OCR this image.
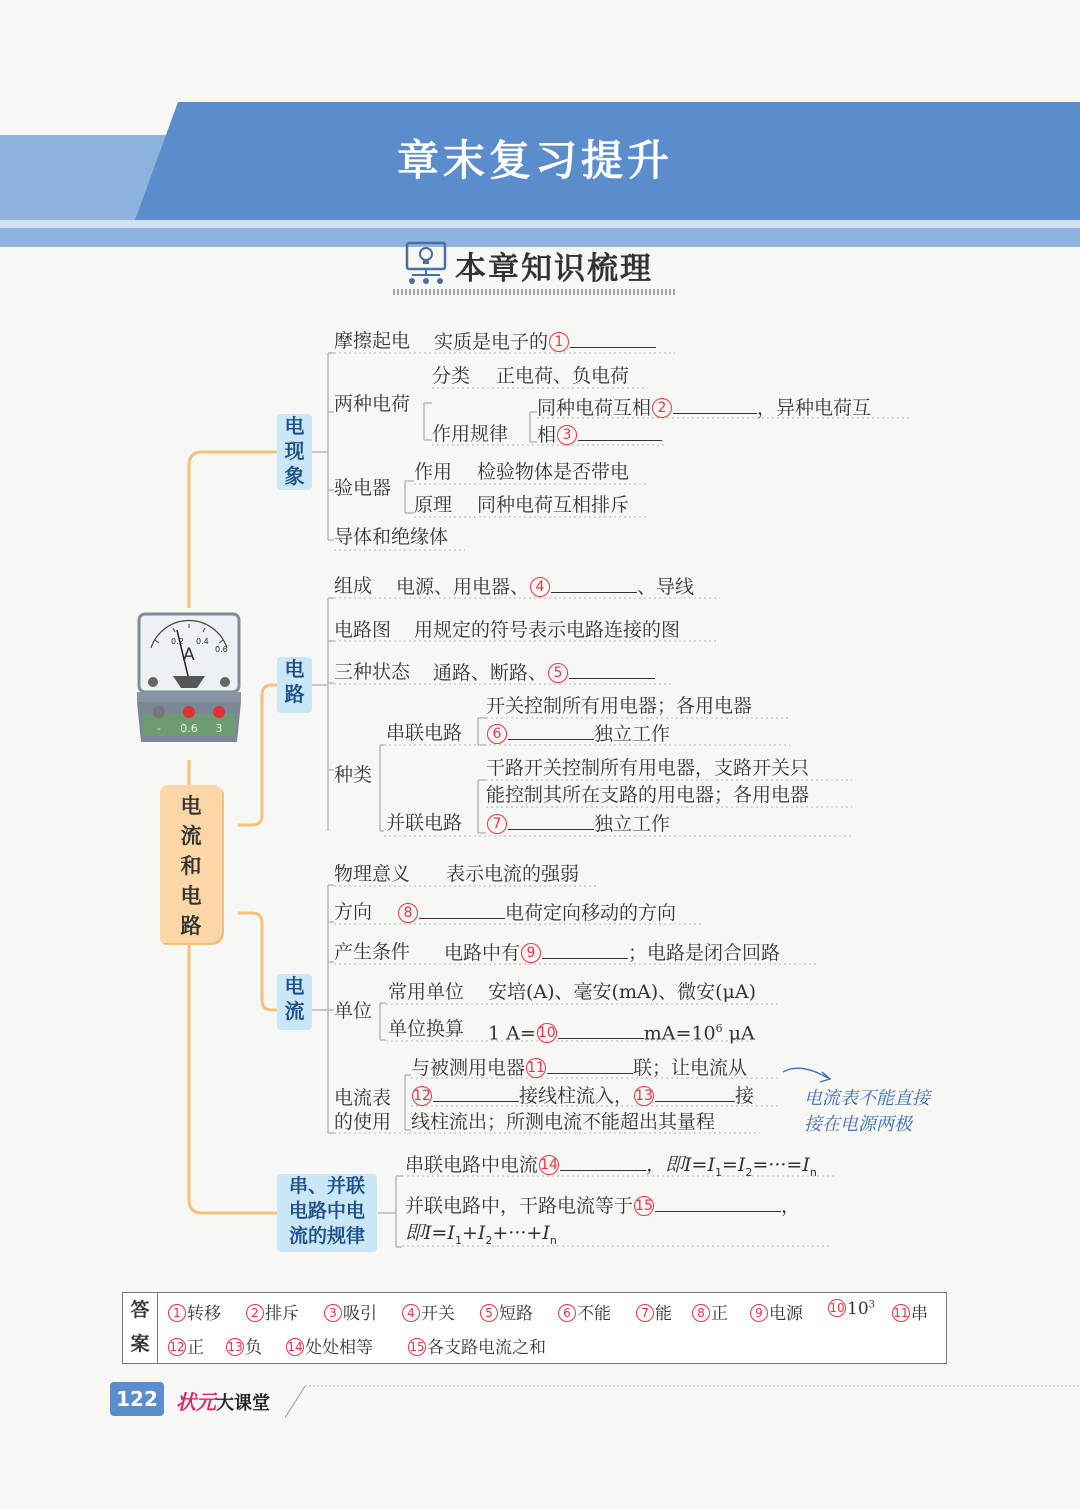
章末复习提升
本章知识梳理
A
0.2 0.4
0.6
- 0.6 3
电
流
和
电
路
电
现
象
电
路
电
流
串、并联
电路中电
流的规律
摩擦起电 实质是电子的 1
两种电荷
分类 正电荷、负电荷
作用规律
同种电荷互相 2	，异种电荷互
相 3
验电器
作用 检验物体是否带电
原理 同种电荷互相排斥
导体和绝缘体
组成 电源、用电器、 4	、导线
电路图 用规定的符号表示电路连接的图
三种状态 通路、断路、 5
种类
串联电路
开关控制所有用电器；各用电器
6	独立工作
并联电路
干路开关控制所有用电器，支路开关只
能控制其所在支路的用电器；各用电器
7	独立工作
物理意义 表示电流的强弱
方向	8	电荷定向移动的方向
产生条件 电路中有 9	；电路是闭合回路
单位
常用单位 安培(A)、毫安(mA)、微安(μA)
单位换算 1 A= 10	$mA=10^6$ μA
电流表
的使用
与被测用电器 11	联；让电流从
12	接线柱流入， 13	接
线柱流出；所测电流不能超出其量程
电流表不能直接
接在电源两极
串联电路中电流 14	，即$I=I_1=I_2=\cdot\cdot\cdot=I_n$
并联电路中，干路电流等于 15	，
即$I=I_1+I_2+\cdot\cdot\cdot+I_n$
答
案
1 转移	2 排斥	3 吸引	4 开关	5 短路	6 不能	7 能	8 正	9 电源 10 $10^3$
11 串
12 正 13 负 14 处处相等	15 各支路电流之和
122 状元大课堂
